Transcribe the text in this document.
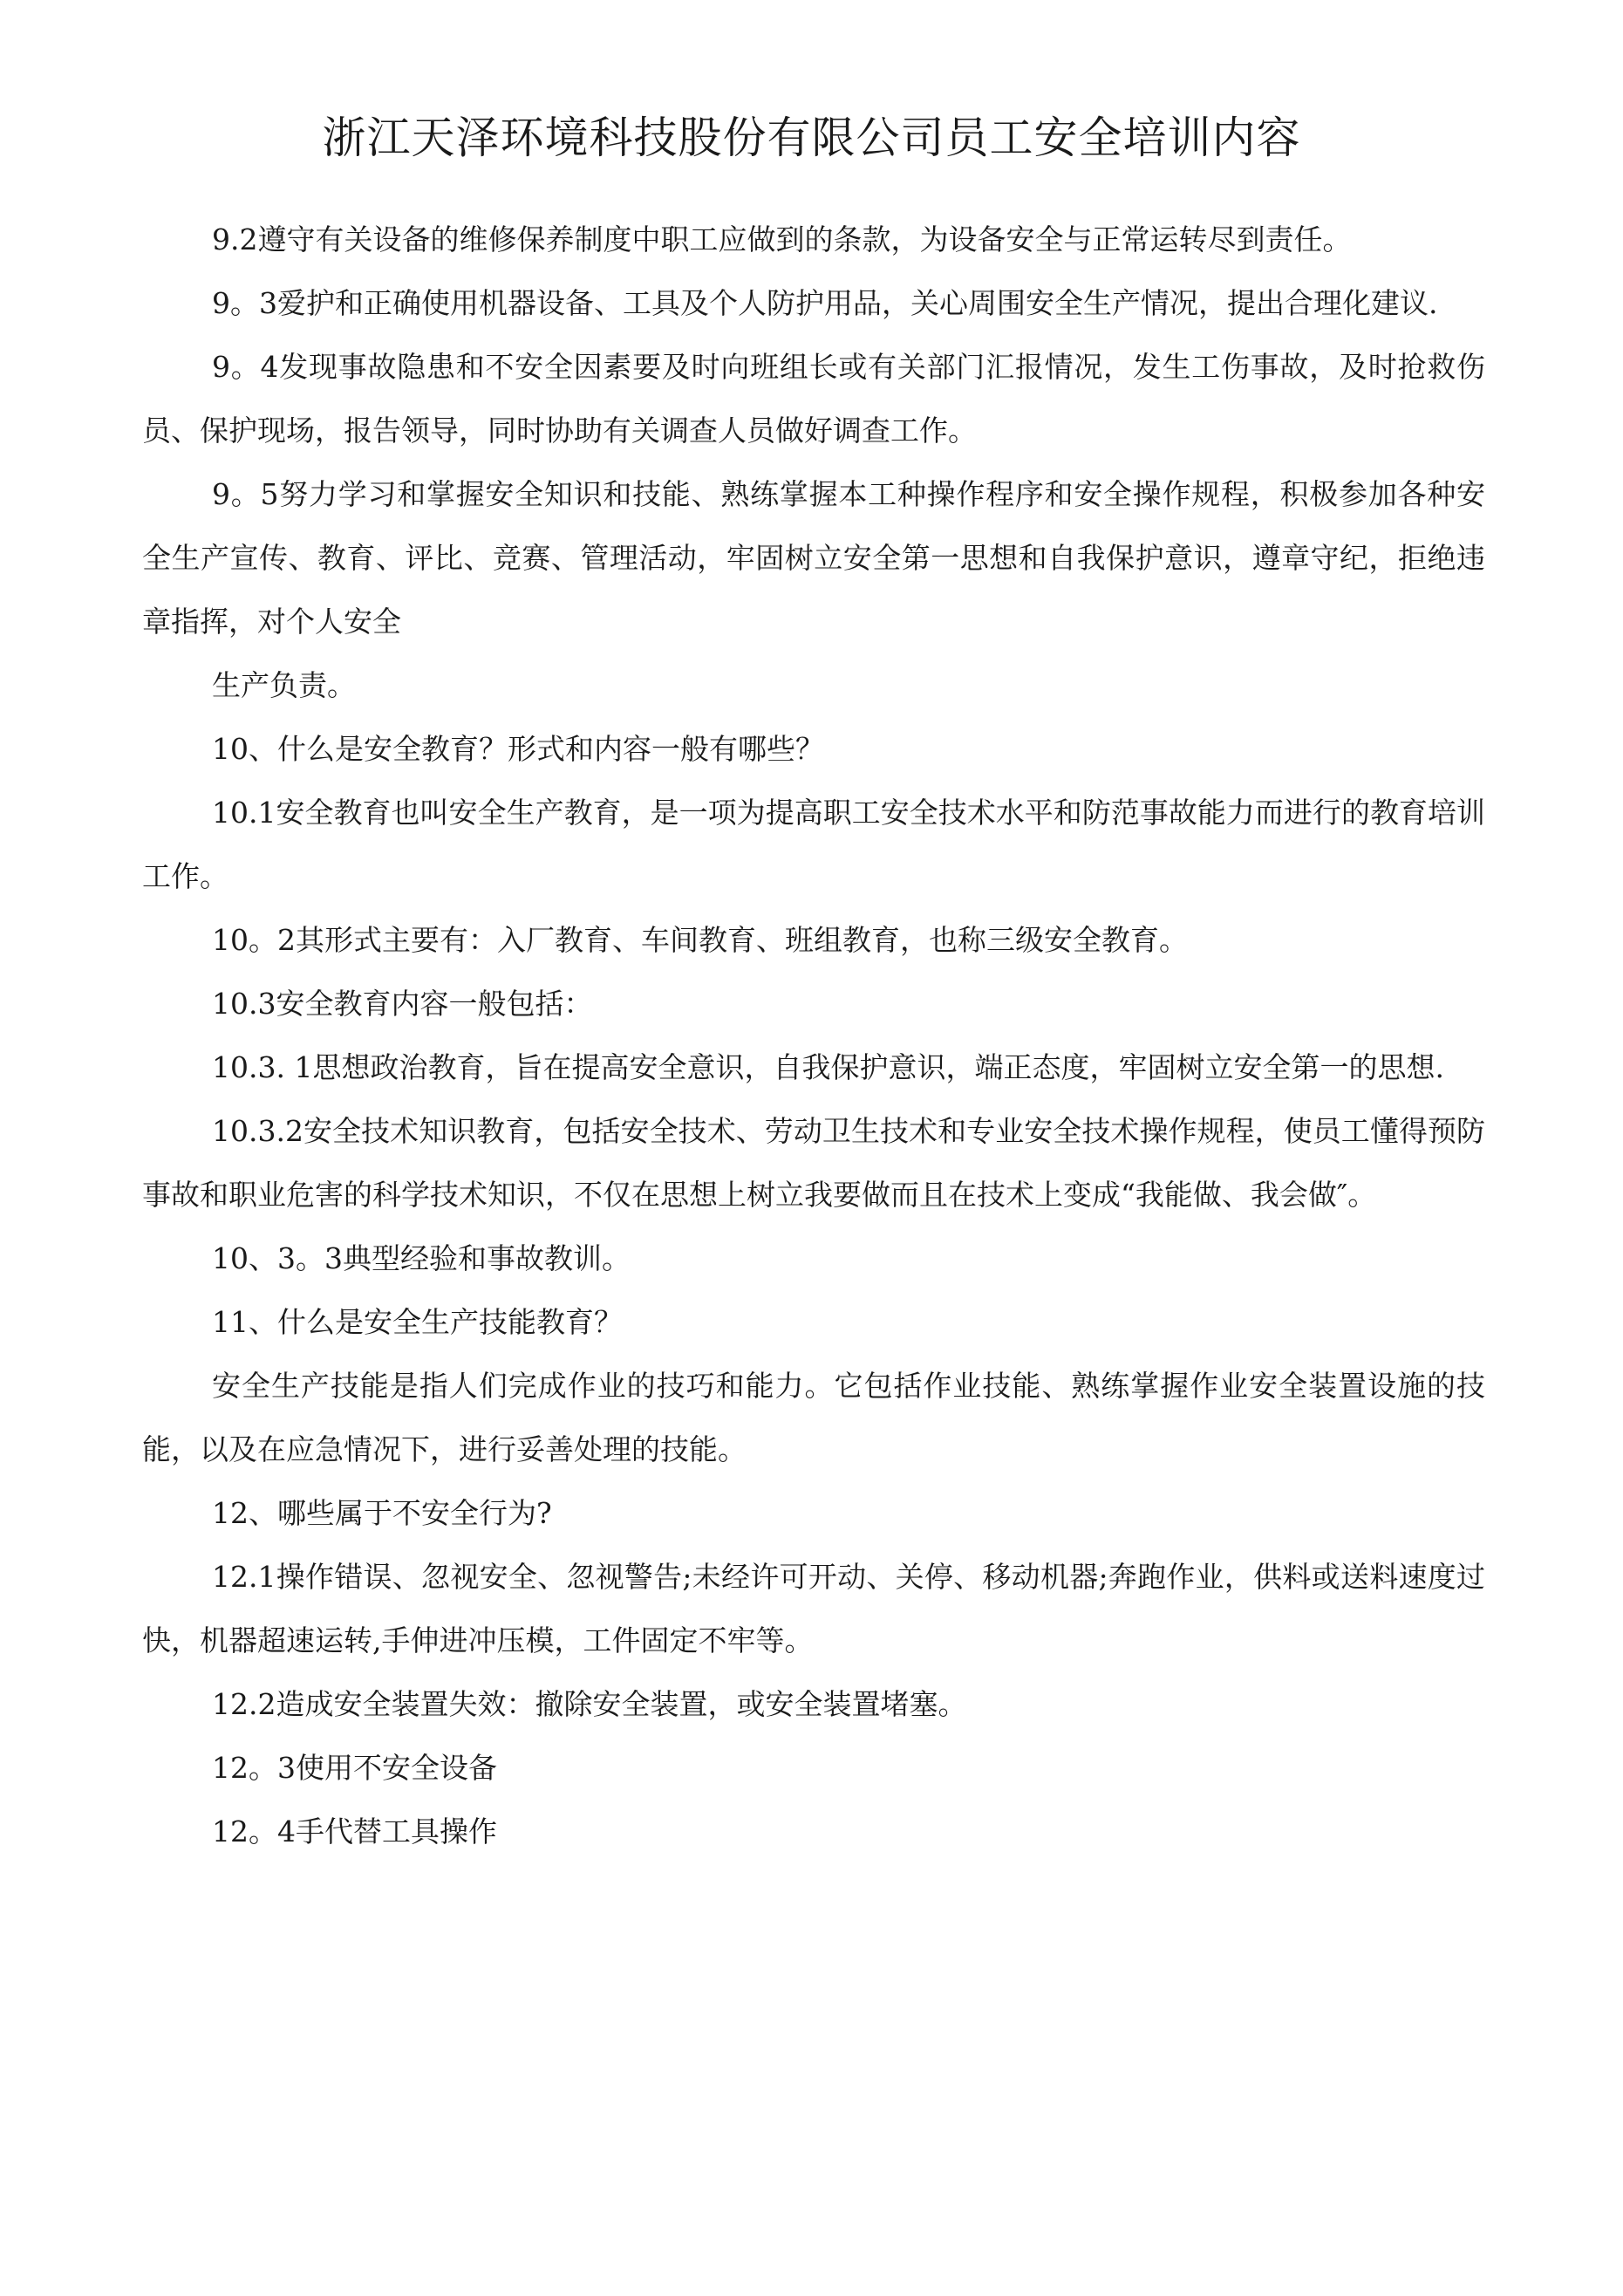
浙江天泽环境科技股份有限公司员工安全培训内容

9.2遵守有关设备的维修保养制度中职工应做到的条款，为设备安全与正常运转尽到责任。

9。3爱护和正确使用机器设备、工具及个人防护用品，关心周围安全生产情况，提出合理化建议.

9。4发现事故隐患和不安全因素要及时向班组长或有关部门汇报情况，发生工伤事故，及时抢救伤员、保护现场，报告领导，同时协助有关调查人员做好调查工作。

9。5努力学习和掌握安全知识和技能、熟练掌握本工种操作程序和安全操作规程，积极参加各种安全生产宣传、教育、评比、竞赛、管理活动，牢固树立安全第一思想和自我保护意识，遵章守纪，拒绝违章指挥，对个人安全

生产负责。

10、什么是安全教育？形式和内容一般有哪些？

10.1安全教育也叫安全生产教育，是一项为提高职工安全技术水平和防范事故能力而进行的教育培训工作。

10。2其形式主要有：入厂教育、车间教育、班组教育，也称三级安全教育。

10.3安全教育内容一般包括：

10.3. 1思想政治教育，旨在提高安全意识，自我保护意识，端正态度，牢固树立安全第一的思想.

10.3.2安全技术知识教育，包括安全技术、劳动卫生技术和专业安全技术操作规程，使员工懂得预防事故和职业危害的科学技术知识，不仅在思想上树立我要做而且在技术上变成“我能做、我会做″。

10、3。3典型经验和事故教训。

11、什么是安全生产技能教育？

安全生产技能是指人们完成作业的技巧和能力。它包括作业技能、熟练掌握作业安全装置设施的技能，以及在应急情况下，进行妥善处理的技能。

12、哪些属于不安全行为?

12.1操作错误、忽视安全、忽视警告;未经许可开动、关停、移动机器;奔跑作业，供料或送料速度过快，机器超速运转,手伸进冲压模，工件固定不牢等。

12.2造成安全装置失效：撤除安全装置，或安全装置堵塞。

12。3使用不安全设备

12。4手代替工具操作
